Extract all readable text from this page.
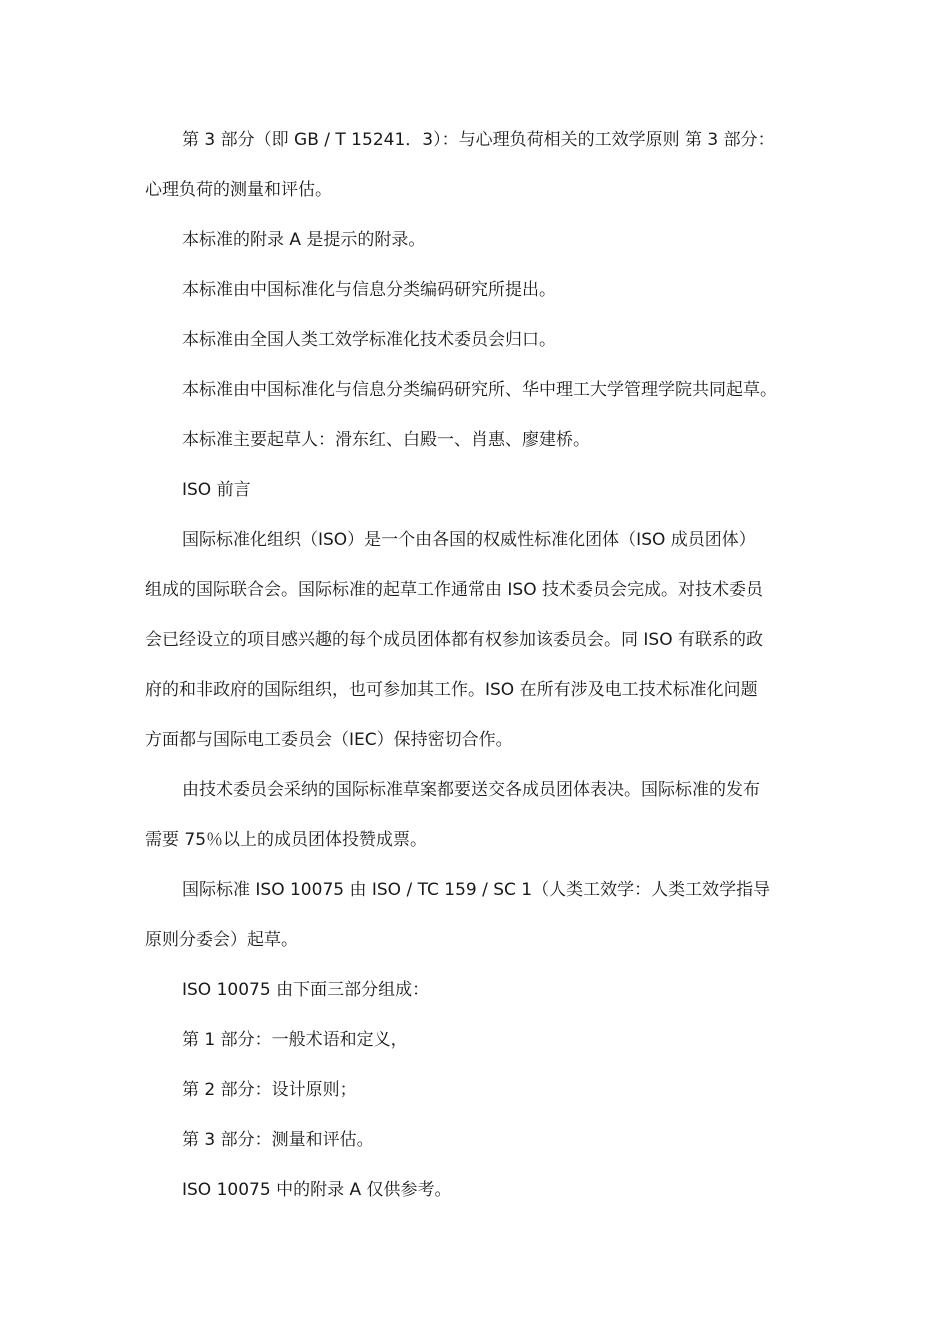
第 3 部分（即 GB / T 15241．3）：与心理负荷相关的工效学原则 第 3 部分：
心理负荷的测量和评估。
本标准的附录 A 是提示的附录。
本标准由中国标准化与信息分类编码研究所提出。
本标准由全国人类工效学标准化技术委员会归口。
本标准由中国标准化与信息分类编码研究所、华中理工大学管理学院共同起草。
本标准主要起草人：滑东红、白殿一、肖惠、廖建桥。
ISO 前言
国际标准化组织（ISO）是一个由各国的权威性标准化团体（ISO 成员团体）
组成的国际联合会。国际标准的起草工作通常由 ISO 技术委员会完成。对技术委员
会已经设立的项目感兴趣的每个成员团体都有权参加该委员会。同 ISO 有联系的政
府的和非政府的国际组织，也可参加其工作。ISO 在所有涉及电工技术标准化问题
方面都与国际电工委员会（IEC）保持密切合作。
由技术委员会采纳的国际标准草案都要送交各成员团体表决。国际标准的发布
需要 75％以上的成员团体投赞成票。
国际标准 ISO 10075 由 ISO / TC 159 / SC 1（人类工效学：人类工效学指导
原则分委会）起草。
ISO 10075 由下面三部分组成：
第 1 部分：一般术语和定义，
第 2 部分：设计原则；
第 3 部分：测量和评估。
ISO 10075 中的附录 A 仅供参考。
